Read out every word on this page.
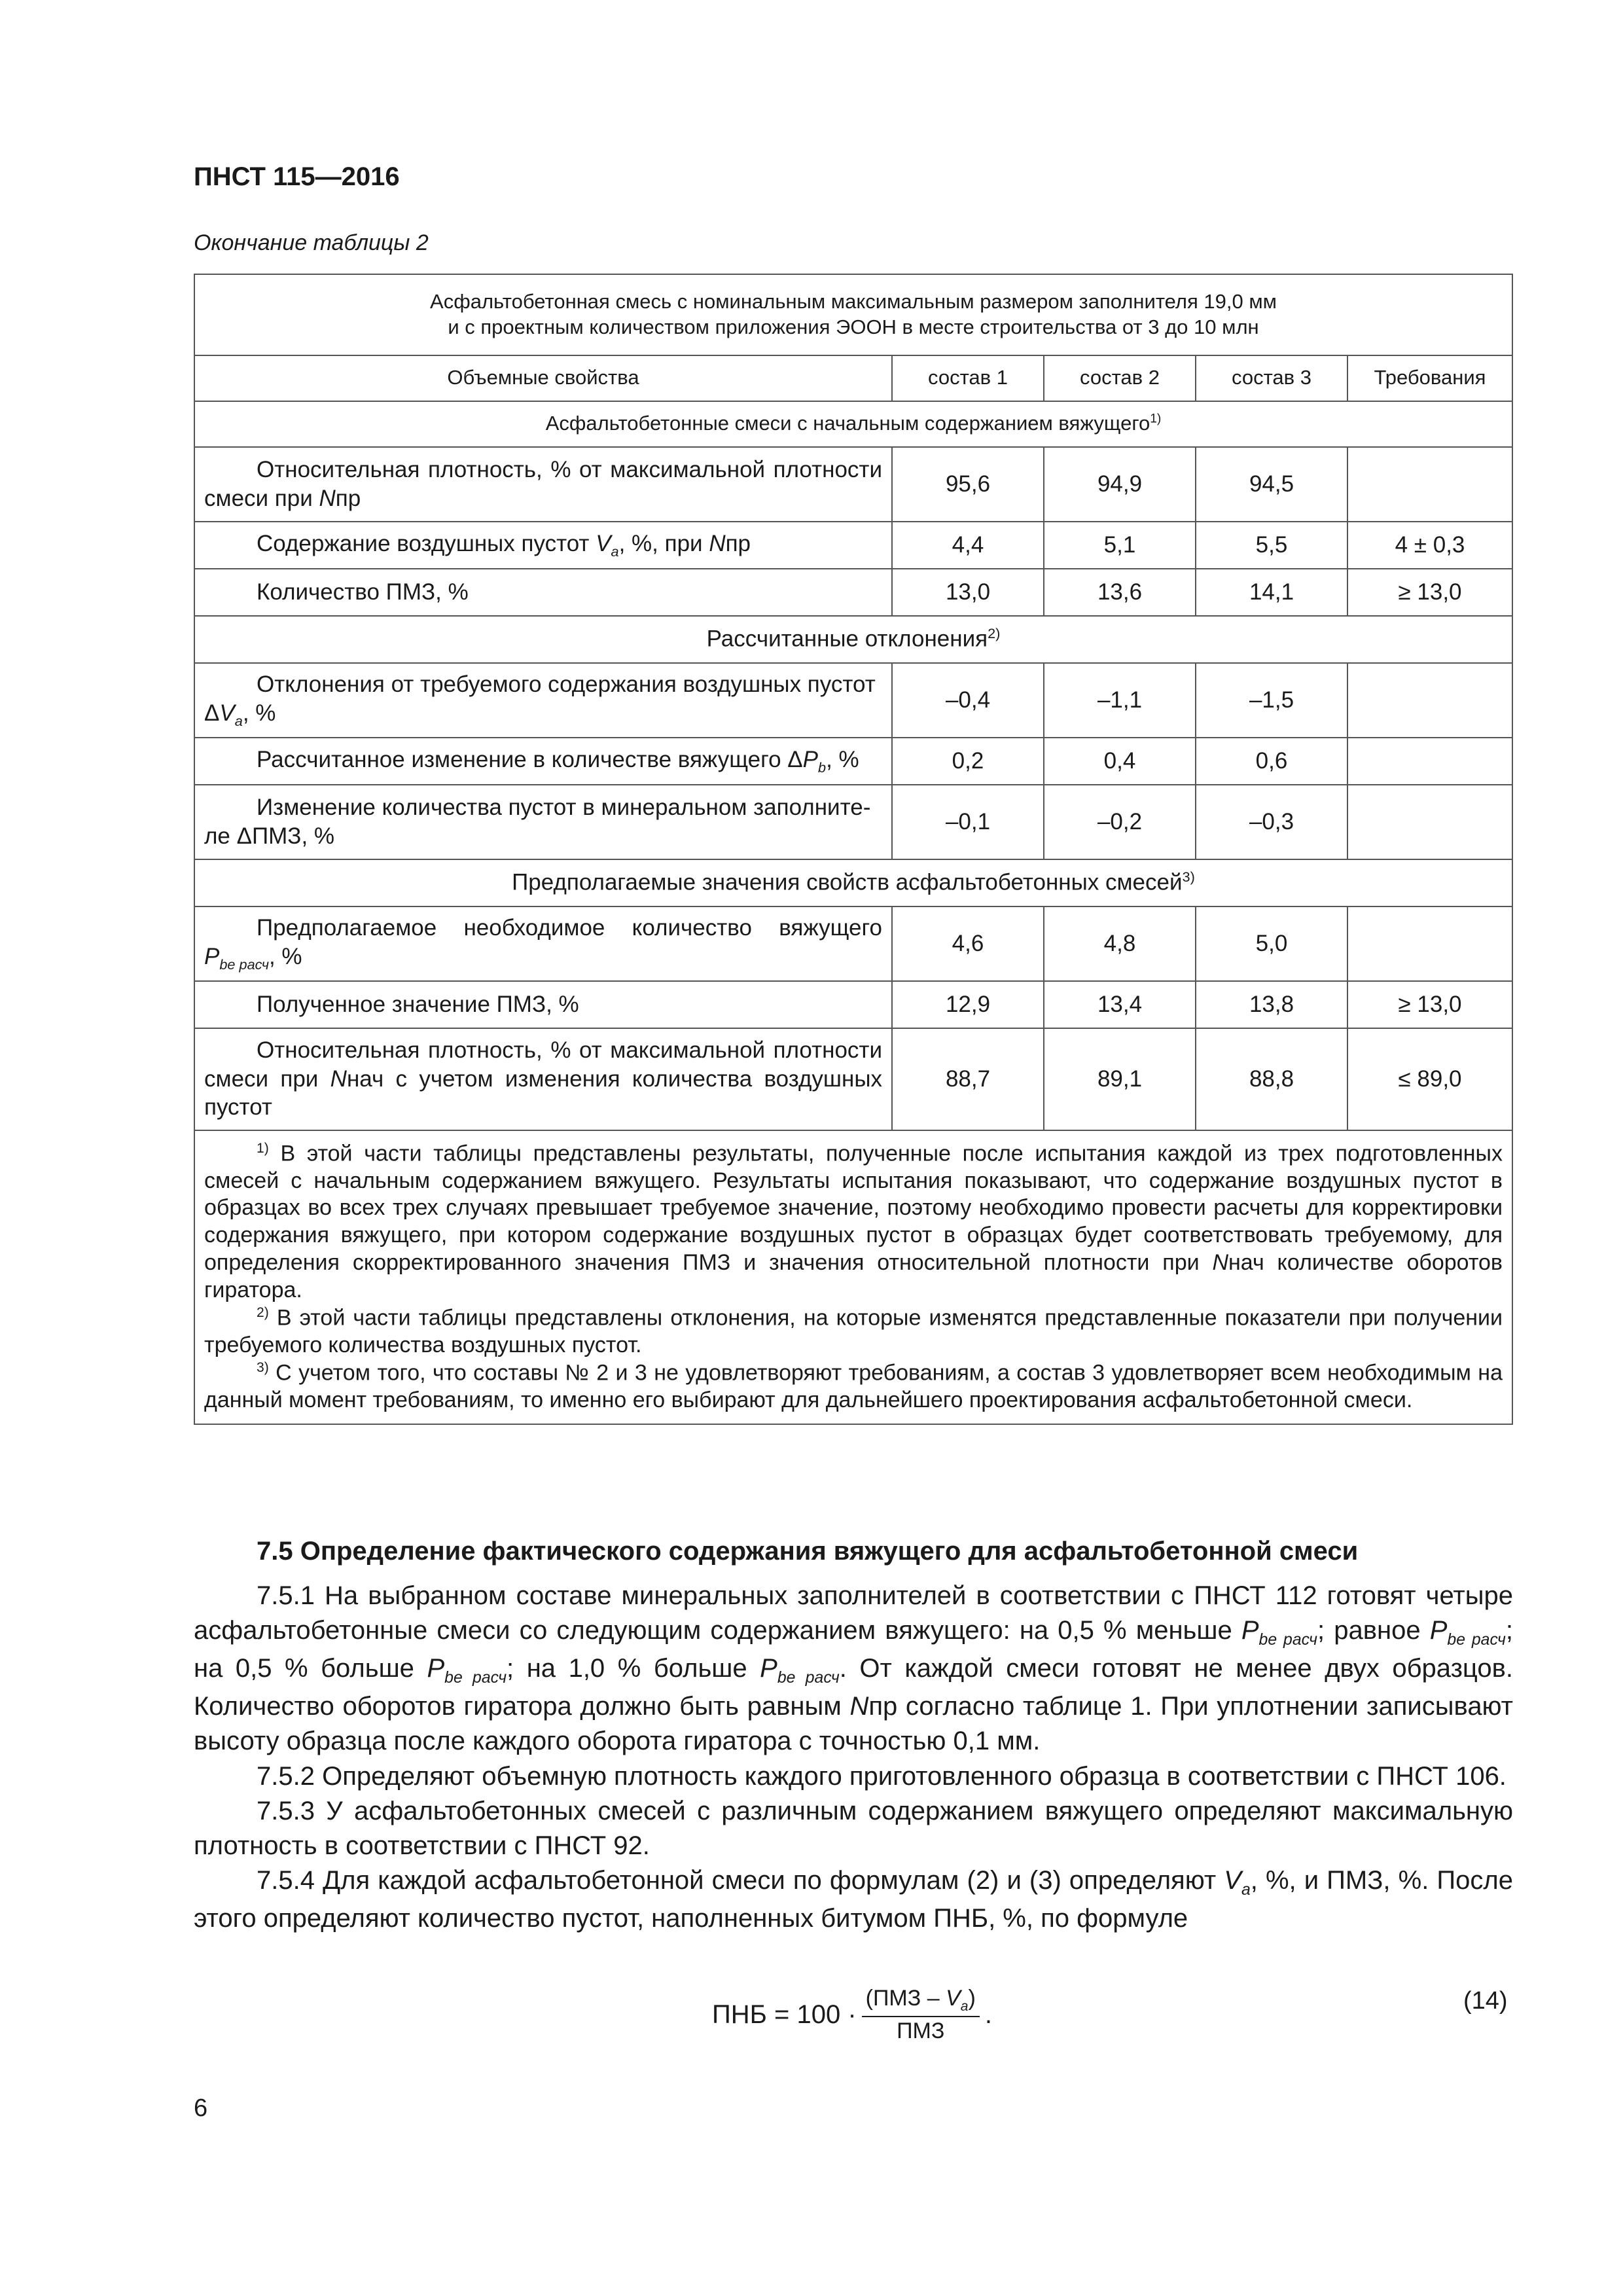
ПНСТ 115—2016
Окончание таблицы 2
Асфальтобетонная смесь с номинальным максимальным размером заполнителя 19,0 мм
и с проектным количеством приложения ЭООН в месте строительства от 3 до 10 млн				
Объемные свойства	состав 1	состав 2	состав 3	Требования
Асфальтобетонные смеси с начальным содержанием вяжущего$^{1)}$
Относительная плотность, % от максимальной плотности смеси при Nпр	95,6	94,9	94,5	
Содержание воздушных пустот $V_a$, %, при Nпр	4,4	5,1	5,5	4 ± 0,3
Количество ПМЗ, %	13,0	13,6	14,1	≥ 13,0
Рассчитанные отклонения$^{2)}$

Отклонения от требуемого содержания воздушных пустот
$\Delta V_a$, %	–0,4	–1,1	–1,5	
Рассчитанное изменение в количестве вяжущего $\Delta P_b$, %	0,2	0,4	0,6	

Изменение количества пустот в минеральном заполните-
ле ΔПМЗ, %	–0,1	–0,2	–0,3	
Предполагаемые значения свойств асфальтобетонных смесей$^{3)}$

Предполагаемое необходимое количество вяжущего
$P_{be расч}$, %	4,6	4,8	5,0	
Полученное значение ПМЗ, %	12,9	13,4	13,8	≥ 13,0
Относительная плотность, % от максимальной плотности смеси при Nнач с учетом изменения количества воздушных пустот	88,7	89,1	88,8	≤ 89,0

$^{1)}$ В этой части таблицы представлены результаты, полученные после испытания каждой из трех подготовленных смесей с начальным содержанием вяжущего. Результаты испытания показывают, что содержание воздушных пустот в образцах во всех трех случаях превышает требуемое значение, поэтому необходимо провести расчеты для корректировки содержания вяжущего, при котором содержание воздушных пустот в образцах будет соответствовать требуемому, для определения скорректированного значения ПМЗ и значения относительной плотности при Nнач количестве оборотов гиратора.

$^{2)}$ В этой части таблицы представлены отклонения, на которые изменятся представленные показатели при получении требуемого количества воздушных пустот.

$^{3)}$ С учетом того, что составы № 2 и 3 не удовлетворяют требованиям, а состав 3 удовлетворяет всем необходимым на данный момент требованиям, то именно его выбирают для дальнейшего проектирования асфальтобетонной смеси.				

7.5 Определение фактического содержания вяжущего для асфальтобетонной смеси

7.5.1 На выбранном составе минеральных заполнителей в соответствии с ПНСТ 112 готовят четыре асфальтобетонные смеси со следующим содержанием вяжущего: на 0,5 % меньше $P_{be расч}$; равное $P_{be расч}$; на 0,5 % больше $P_{be расч}$; на 1,0 % больше $P_{be расч}$. От каждой смеси готовят не менее двух образцов. Количество оборотов гиратора должно быть равным Nпр согласно таблице 1. При уплотнении записывают высоту образца после каждого оборота гиратора с точностью 0,1 мм.

7.5.2 Определяют объемную плотность каждого приготовленного образца в соответствии с ПНСТ 106.

7.5.3 У асфальтобетонных смесей с различным содержанием вяжущего определяют максимальную плотность в соответствии с ПНСТ 92.

7.5.4 Для каждой асфальтобетонной смеси по формулам (2) и (3) определяют $V_a$, %, и ПМЗ, %. После этого определяют количество пустот, наполненных битумом ПНБ, %, по формуле

ПНБ = $100 \cdot \frac{(ПМЗ - V_a)}{\text{ПМЗ}}$ .	(14)
6
